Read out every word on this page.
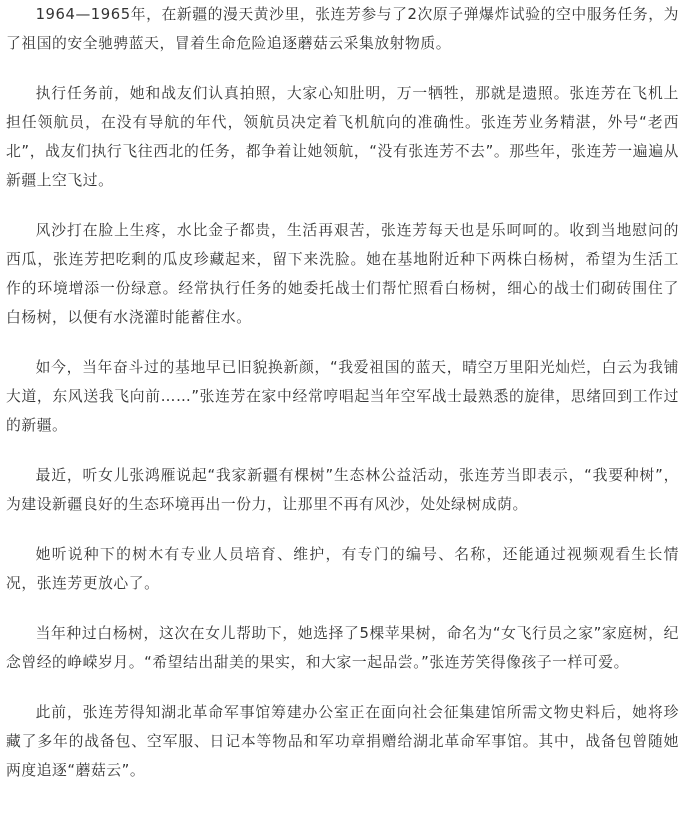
1964—1965年，在新疆的漫天黄沙里，张连芳参与了2次原子弹爆炸试验的空中服务任务，为了祖国的安全驰骋蓝天，冒着生命危险追逐蘑菇云采集放射物质。

执行任务前，她和战友们认真拍照，大家心知肚明，万一牺牲，那就是遗照。张连芳在飞机上担任领航员，在没有导航的年代，领航员决定着飞机航向的准确性。张连芳业务精湛，外号“老西北”，战友们执行飞往西北的任务，都争着让她领航，“没有张连芳不去”。那些年，张连芳一遍遍从新疆上空飞过。

风沙打在脸上生疼，水比金子都贵，生活再艰苦，张连芳每天也是乐呵呵的。收到当地慰问的西瓜，张连芳把吃剩的瓜皮珍藏起来，留下来洗脸。她在基地附近种下两株白杨树，希望为生活工作的环境增添一份绿意。经常执行任务的她委托战士们帮忙照看白杨树，细心的战士们砌砖围住了白杨树，以便有水浇灌时能蓄住水。

如今，当年奋斗过的基地早已旧貌换新颜，“我爱祖国的蓝天，晴空万里阳光灿烂，白云为我铺大道，东风送我飞向前……”张连芳在家中经常哼唱起当年空军战士最熟悉的旋律，思绪回到工作过的新疆。

最近，听女儿张鸿雁说起“我家新疆有棵树”生态林公益活动，张连芳当即表示，“我要种树”，为建设新疆良好的生态环境再出一份力，让那里不再有风沙，处处绿树成荫。

她听说种下的树木有专业人员培育、维护，有专门的编号、名称，还能通过视频观看生长情况，张连芳更放心了。

当年种过白杨树，这次在女儿帮助下，她选择了5棵苹果树，命名为“女飞行员之家”家庭树，纪念曾经的峥嵘岁月。“希望结出甜美的果实，和大家一起品尝。”张连芳笑得像孩子一样可爱。

此前，张连芳得知湖北革命军事馆筹建办公室正在面向社会征集建馆所需文物史料后，她将珍藏了多年的战备包、空军服、日记本等物品和军功章捐赠给湖北革命军事馆。其中，战备包曾随她两度追逐“蘑菇云”。
